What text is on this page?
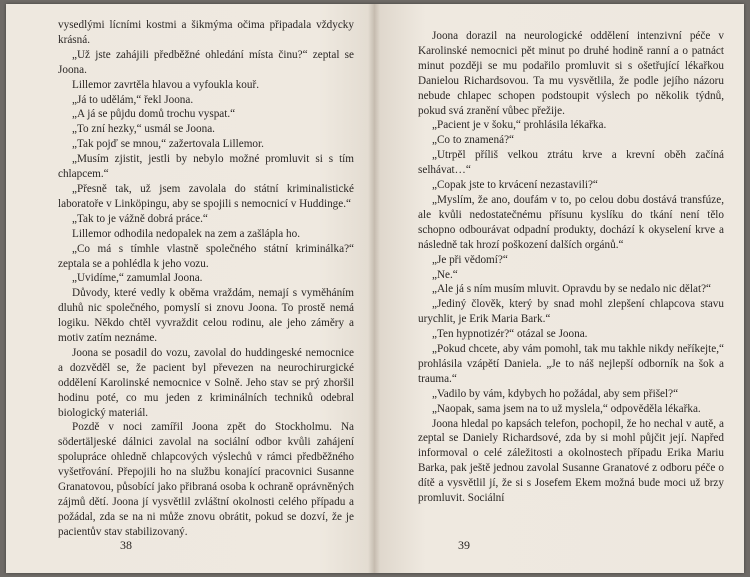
vysedlými lícními kostmi a šikmýma očima připadala vždycky krásná.

„Už jste zahájili předběžné ohledání místa činu?“ zeptal se Joona.

Lillemor zavrtěla hlavou a vyfoukla kouř.

„Já to udělám,“ řekl Joona.

„A já se půjdu domů trochu vyspat.“

„To zní hezky,“ usmál se Joona.

„Tak pojď se mnou,“ zažertovala Lillemor.

„Musím zjistit, jestli by nebylo možné promluvit si s tím chlapcem.“

„Přesně tak, už jsem zavolala do státní kriminalistické laboratoře v Linköpingu, aby se spojili s nemocnicí v Huddinge.“

„Tak to je vážně dobrá práce.“

Lillemor odhodila nedopalek na zem a zašlápla ho.

„Co má s tímhle vlastně společného státní kriminálka?“ zeptala se a pohlédla k jeho vozu.

„Uvidíme,“ zamumlal Joona.

Důvody, které vedly k oběma vraždám, nemají s vyměháním dluhů nic společného, pomyslí si znovu Joona. To prostě nemá logiku. Někdo chtěl vyvraždit celou rodinu, ale jeho záměry a motiv zatím neznáme.

Joona se posadil do vozu, zavolal do huddingeské nemocnice a dozvěděl se, že pacient byl převezen na neurochirurgické oddělení Karolinské nemocnice v Solně. Jeho stav se prý zhoršil hodinu poté, co mu jeden z kriminálních techniků odebral biologický materiál.

Pozdě v noci zamířil Joona zpět do Stockholmu. Na södertäljeské dálnici zavolal na sociální odbor kvůli zahájení spolupráce ohledně chlapcových výslechů v rámci předběžného vyšetřování. Přepojili ho na službu konající pracovnici Susanne Granatovou, působící jako přibraná osoba k ochraně oprávněných zájmů dětí. Joona jí vysvětlil zvláštní okolnosti celého případu a požádal, zda se na ni může znovu obrátit, pokud se dozví, že je pacientův stav stabilizovaný.

38

Joona dorazil na neurologické oddělení intenzivní péče v Karolinské nemocnici pět minut po druhé hodině ranní a o patnáct minut později se mu podařilo promluvit si s ošetřující lékařkou Danielou Richardsovou. Ta mu vysvětlila, že podle jejího názoru nebude chlapec schopen podstoupit výslech po několik týdnů, pokud svá zranění vůbec přežije.

„Pacient je v šoku,“ prohlásila lékařka.

„Co to znamená?“

„Utrpěl příliš velkou ztrátu krve a krevní oběh začíná selhávat…“

„Copak jste to krvácení nezastavili?“

„Myslím, že ano, doufám v to, po celou dobu dostává transfúze, ale kvůli nedostatečnému přísunu kyslíku do tkání není tělo schopno odbourávat odpadní produkty, dochází k okyselení krve a následně tak hrozí poškození dalších orgánů.“

„Je při vědomí?“

„Ne.“

„Ale já s ním musím mluvit. Opravdu by se nedalo nic dělat?“

„Jediný člověk, který by snad mohl zlepšení chlapcova stavu urychlit, je Erik Maria Bark.“

„Ten hypnotizér?“ otázal se Joona.

„Pokud chcete, aby vám pomohl, tak mu takhle nikdy neříkejte,“ prohlásila vzápětí Daniela. „Je to náš nejlepší odborník na šok a trauma.“

„Vadilo by vám, kdybych ho požádal, aby sem přišel?“

„Naopak, sama jsem na to už myslela,“ odpověděla lékařka.

Joona hledal po kapsách telefon, pochopil, že ho nechal v autě, a zeptal se Daniely Richardsové, zda by si mohl půjčit její. Napřed informoval o celé záležitosti a okolnostech případu Erika Mariu Barka, pak ještě jednou zavolal Susanne Granatové z odboru péče o dítě a vysvětlil jí, že si s Josefem Ekem možná bude moci už brzy promluvit. Sociální

39
